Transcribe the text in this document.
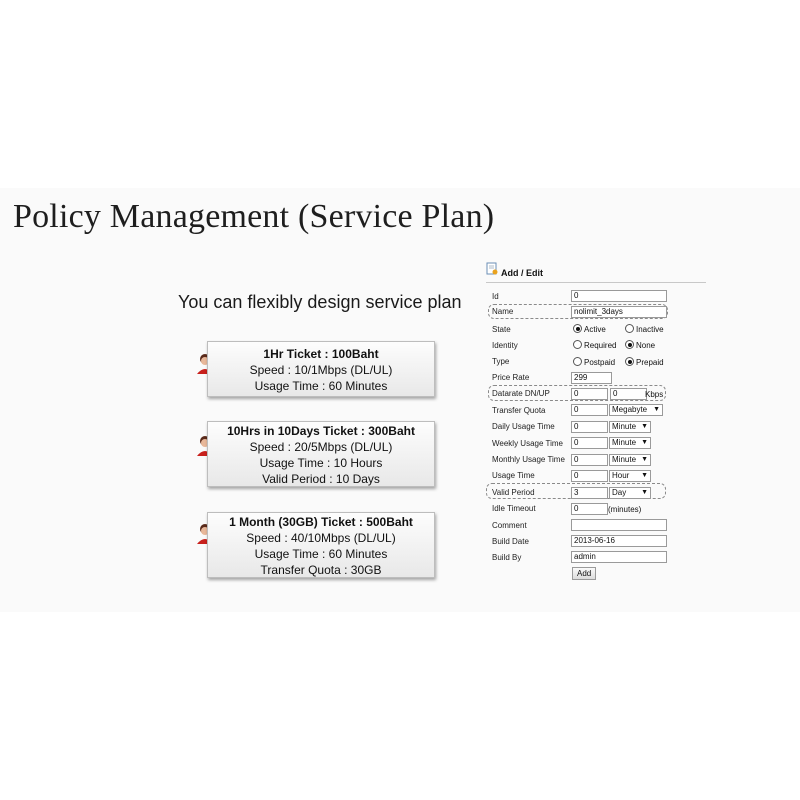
Policy Management (Service Plan)
You can flexibly design service plan
1Hr Ticket : 100Baht
Speed : 10/1Mbps (DL/UL)
Usage Time : 60 Minutes
10Hrs in 10Days Ticket : 300Baht
Speed : 20/5Mbps (DL/UL)
Usage Time : 10 Hours
Valid Period : 10 Days
1 Month (30GB) Ticket : 500Baht
Speed : 40/10Mbps (DL/UL)
Usage Time : 60 Minutes
Transfer Quota : 30GB
Add / Edit
Id	0
Name	nolimit_3days
State	Active	Inactive
Identity	Required	None
Type	Postpaid	Prepaid
Price Rate	299
Datarate DN/UP	0	0	Kbps
Transfer Quota	0	Megabyte ▼
Daily Usage Time	0	Minute ▼
Weekly Usage Time	0	Minute ▼
Monthly Usage Time	0	Minute ▼
Usage Time	0	Hour ▼
Valid Period	3	Day ▼
Idle Timeout	0	(minutes)
Comment
Build Date	2013-06-16
Build By	admin
Add
